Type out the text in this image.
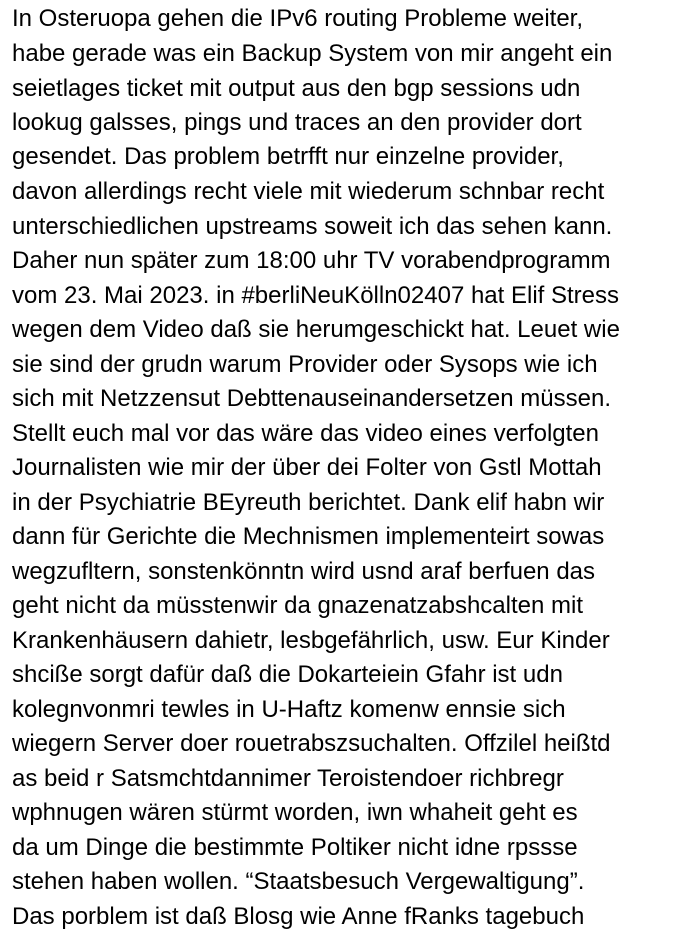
In Osteruopa gehen die IPv6 routing Probleme weiter,
habe gerade was ein Backup System von mir angeht ein
seietlages ticket mit output aus den bgp sessions udn
lookug galsses, pings und traces an den provider dort
gesendet. Das problem betrfft nur einzelne provider,
davon allerdings recht viele mit wiederum schnbar recht
unterschiedlichen upstreams soweit ich das sehen kann.
Daher nun später zum 18:00 uhr TV vorabendprogramm
vom 23. Mai 2023. in #berliNeuKölln02407 hat Elif Stress
wegen dem Video daß sie herumgeschickt hat. Leuet wie
sie sind der grudn warum Provider oder Sysops wie ich
sich mit Netzzensut Debttenauseinandersetzen müssen.
Stellt euch mal vor das wäre das video eines verfolgten
Journalisten wie mir der über dei Folter von Gstl Mottah
in der Psychiatrie BEyreuth berichtet. Dank elif habn wir
dann für Gerichte die Mechnismen implementeirt sowas
wegzufltern, sonstenkönntn wird usnd araf berfuen das
geht nicht da müsstenwir da gnazenatzabshcalten mit
Krankenhäusern dahietr, lesbgefährlich, usw. Eur Kinder
shcißе sorgt dafür daß die Dokarteiein Gfahr ist udn
kolegnvonmri tewles in U-Haftz komenw ennsie sich
wiegern Server doer rouetrabszsuchalten. Offzilel heißtd
as beid r Satsmchtdannimer Teroistendoer richbregr
wphnugen wären stürmt worden, iwn whaheit geht es
da um Dinge die bestimmte Poltiker nicht idne rpssse
stehen haben wollen. “Staatsbesuch Vergewaltigung”.
Das porblem ist daß Blosg wie Anne fRanks tagebuch
